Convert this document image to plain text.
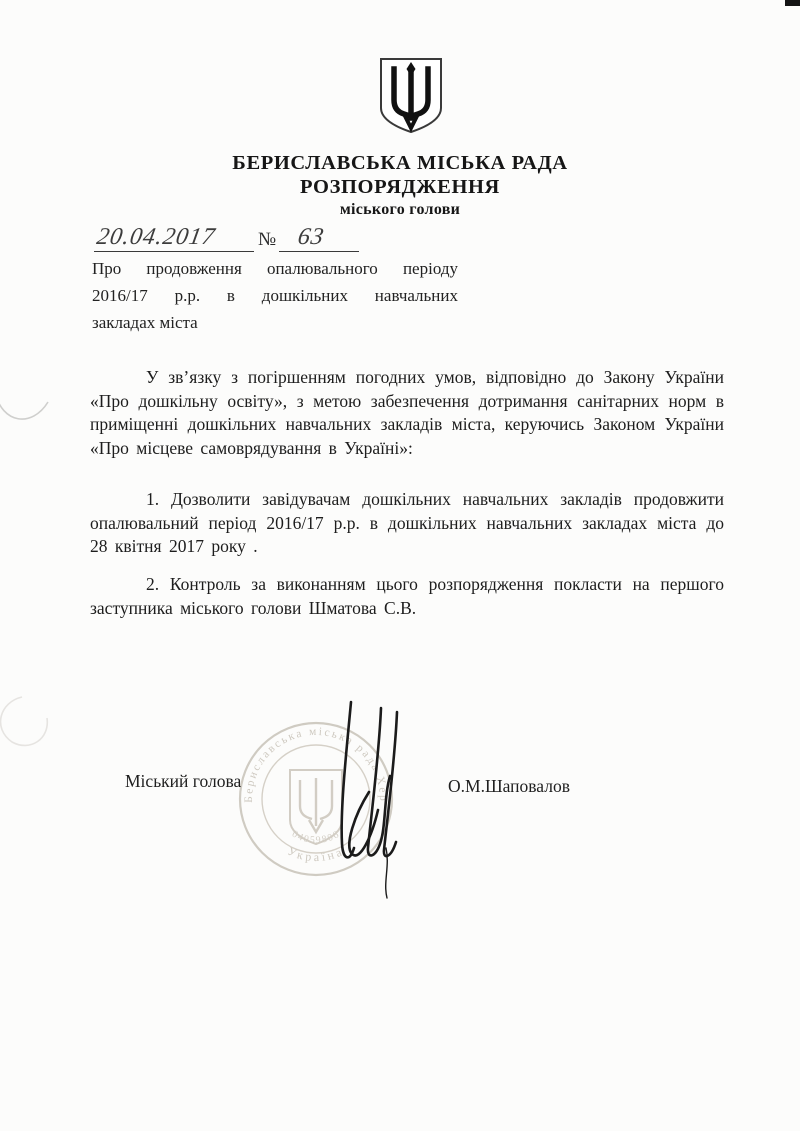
БЕРИСЛАВСЬКА МІСЬКА РАДА
РОЗПОРЯДЖЕННЯ
міського голови
20.04.2017 № 63
Про продовження опалювального періоду
2016/17 р.р. в дошкільних навчальних
закладах міста
У зв’язку з погіршенням погодних умов, відповідно до Закону України «Про дошкільну освіту», з метою забезпечення дотримання санітарних норм в приміщенні дошкільних навчальних закладів міста, керуючись Законом України «Про місцеве самоврядування в Україні»:
1. Дозволити завідувачам дошкільних навчальних закладів продовжити опалювальний період 2016/17 р.р. в дошкільних навчальних закладах міста до 28 квітня 2017 року .
2. Контроль за виконанням цього розпорядження покласти на першого заступника міського голови Шматова С.В.
Бериславська міська рада Хер
Україна
04059806
Міський голова	О.М.Шаповалов
